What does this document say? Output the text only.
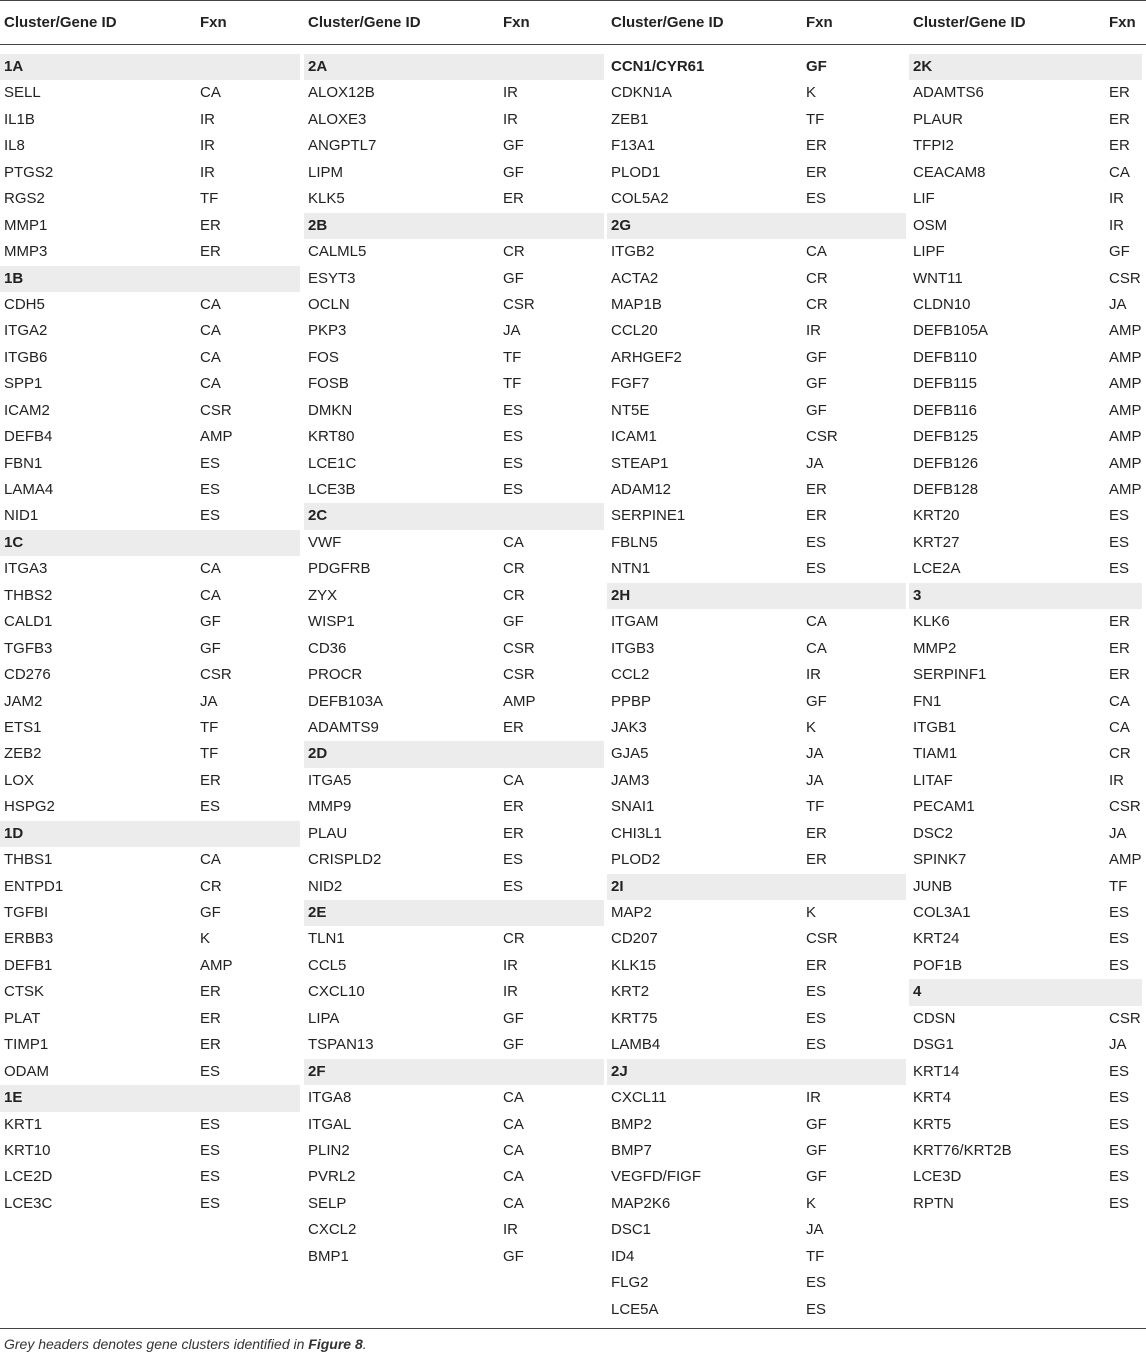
Cluster/Gene ID	Fxn
1A
SELL	CA
IL1B	IR
IL8	IR
PTGS2	IR
RGS2	TF
MMP1	ER
MMP3	ER
1B
CDH5	CA
ITGA2	CA
ITGB6	CA
SPP1	CA
ICAM2	CSR
DEFB4	AMP
FBN1	ES
LAMA4	ES
NID1	ES
1C
ITGA3	CA
THBS2	CA
CALD1	GF
TGFB3	GF
CD276	CSR
JAM2	JA
ETS1	TF
ZEB2	TF
LOX	ER
HSPG2	ES
1D
THBS1	CA
ENTPD1	CR
TGFBI	GF
ERBB3	K
DEFB1	AMP
CTSK	ER
PLAT	ER
TIMP1	ER
ODAM	ES
1E
KRT1	ES
KRT10	ES
LCE2D	ES
LCE3C	ES
Cluster/Gene ID	Fxn
2A
ALOX12B	IR
ALOXE3	IR
ANGPTL7	GF
LIPM	GF
KLK5	ER
2B
CALML5	CR
ESYT3	GF
OCLN	CSR
PKP3	JA
FOS	TF
FOSB	TF
DMKN	ES
KRT80	ES
LCE1C	ES
LCE3B	ES
2C
VWF	CA
PDGFRB	CR
ZYX	CR
WISP1	GF
CD36	CSR
PROCR	CSR
DEFB103A	AMP
ADAMTS9	ER
2D
ITGA5	CA
MMP9	ER
PLAU	ER
CRISPLD2	ES
NID2	ES
2E
TLN1	CR
CCL5	IR
CXCL10	IR
LIPA	GF
TSPAN13	GF
2F
ITGA8	CA
ITGAL	CA
PLIN2	CA
PVRL2	CA
SELP	CA
CXCL2	IR
BMP1	GF
Cluster/Gene ID	Fxn
CCN1/CYR61	GF
CDKN1A	K
ZEB1	TF
F13A1	ER
PLOD1	ER
COL5A2	ES
2G
ITGB2	CA
ACTA2	CR
MAP1B	CR
CCL20	IR
ARHGEF2	GF
FGF7	GF
NT5E	GF
ICAM1	CSR
STEAP1	JA
ADAM12	ER
SERPINE1	ER
FBLN5	ES
NTN1	ES
2H
ITGAM	CA
ITGB3	CA
CCL2	IR
PPBP	GF
JAK3	K
GJA5	JA
JAM3	JA
SNAI1	TF
CHI3L1	ER
PLOD2	ER
2I
MAP2	K
CD207	CSR
KLK15	ER
KRT2	ES
KRT75	ES
LAMB4	ES
2J
CXCL11	IR
BMP2	GF
BMP7	GF
VEGFD/FIGF	GF
MAP2K6	K
DSC1	JA
ID4	TF
FLG2	ES
LCE5A	ES
Cluster/Gene ID	Fxn
2K
ADAMTS6	ER
PLAUR	ER
TFPI2	ER
CEACAM8	CA
LIF	IR
OSM	IR
LIPF	GF
WNT11	CSR
CLDN10	JA
DEFB105A	AMP
DEFB110	AMP
DEFB115	AMP
DEFB116	AMP
DEFB125	AMP
DEFB126	AMP
DEFB128	AMP
KRT20	ES
KRT27	ES
LCE2A	ES
3
KLK6	ER
MMP2	ER
SERPINF1	ER
FN1	CA
ITGB1	CA
TIAM1	CR
LITAF	IR
PECAM1	CSR
DSC2	JA
SPINK7	AMP
JUNB	TF
COL3A1	ES
KRT24	ES
POF1B	ES
4
CDSN	CSR
DSG1	JA
KRT14	ES
KRT4	ES
KRT5	ES
KRT76/KRT2B	ES
LCE3D	ES
RPTN	ES
Grey headers denotes gene clusters identified in Figure 8.
